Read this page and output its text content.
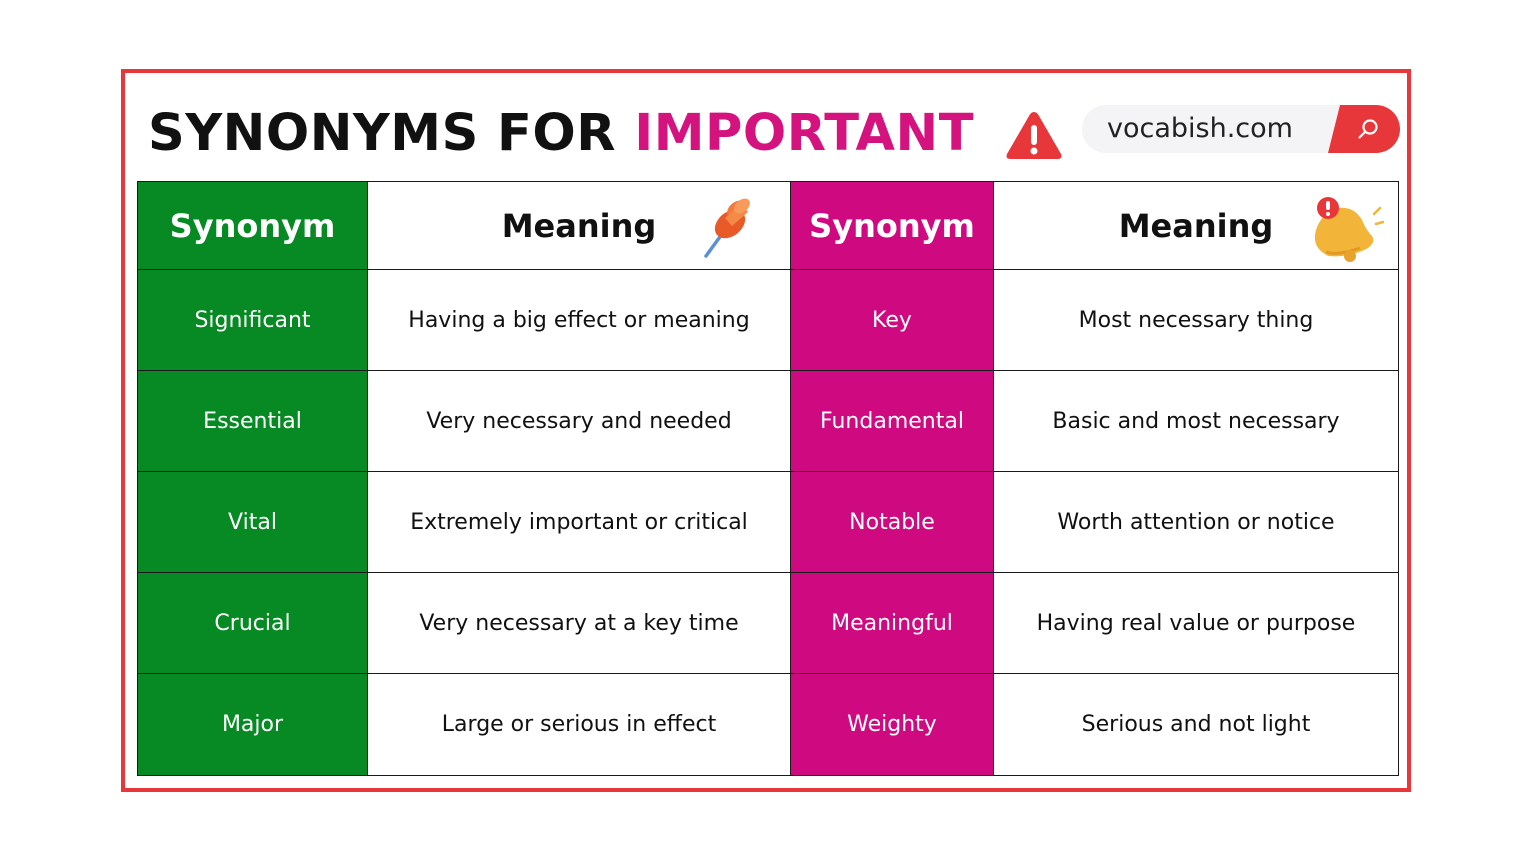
SYNONYMS FOR IMPORTANT	vocabish.com
Synonym	Meaning	Synonym	Meaning
Significant	Having a big effect or meaning	Key	Most necessary thing
Essential	Very necessary and needed	Fundamental	Basic and most necessary
Vital	Extremely important or critical	Notable	Worth attention or notice
Crucial	Very necessary at a key time	Meaningful	Having real value or purpose
Major	Large or serious in effect	Weighty	Serious and not light
